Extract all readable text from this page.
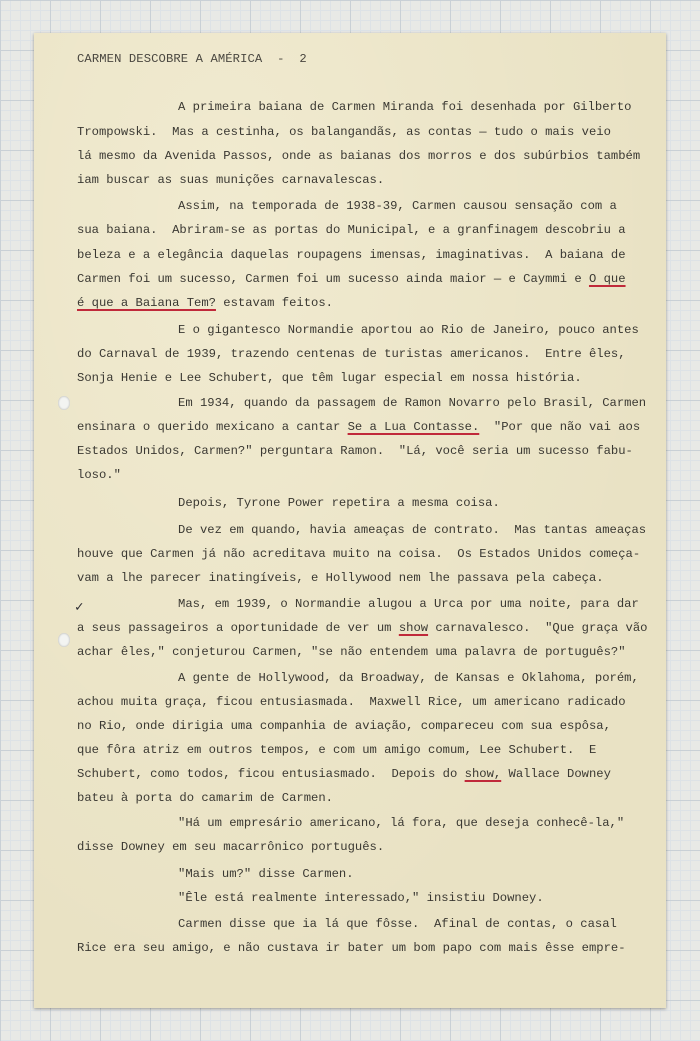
CARMEN DESCOBRE A AMÉRICA  -  2
✓
A primeira baiana de Carmen Miranda foi desenhada por Gilberto
Trompowski.  Mas a cestinha, os balangandãs, as contas — tudo o mais veio
lá mesmo da Avenida Passos, onde as baianas dos morros e dos subúrbios também
iam buscar as suas munições carnavalescas.
Assim, na temporada de 1938-39, Carmen causou sensação com a
sua baiana.  Abriram-se as portas do Municipal, e a granfinagem descobriu a
beleza e a elegância daquelas roupagens imensas, imaginativas.  A baiana de
Carmen foi um sucesso, Carmen foi um sucesso ainda maior — e Caymmi e O que
é que a Baiana Tem? estavam feitos.
E o gigantesco Normandie aportou ao Rio de Janeiro, pouco antes
do Carnaval de 1939, trazendo centenas de turistas americanos.  Entre êles,
Sonja Henie e Lee Schubert, que têm lugar especial em nossa história.
Em 1934, quando da passagem de Ramon Novarro pelo Brasil, Carmen
ensinara o querido mexicano a cantar Se a Lua Contasse.  "Por que não vai aos
Estados Unidos, Carmen?" perguntara Ramon.  "Lá, você seria um sucesso fabu-
loso."
Depois, Tyrone Power repetira a mesma coisa.
De vez em quando, havia ameaças de contrato.  Mas tantas ameaças
houve que Carmen já não acreditava muito na coisa.  Os Estados Unidos começa-
vam a lhe parecer inatingíveis, e Hollywood nem lhe passava pela cabeça.
Mas, em 1939, o Normandie alugou a Urca por uma noite, para dar
a seus passageiros a oportunidade de ver um show carnavalesco.  "Que graça vão
achar êles," conjeturou Carmen, "se não entendem uma palavra de português?"
A gente de Hollywood, da Broadway, de Kansas e Oklahoma, porém,
achou muita graça, ficou entusiasmada.  Maxwell Rice, um americano radicado
no Rio, onde dirigia uma companhia de aviação, compareceu com sua espôsa,
que fôra atriz em outros tempos, e com um amigo comum, Lee Schubert.  E
Schubert, como todos, ficou entusiasmado.  Depois do show, Wallace Downey
bateu à porta do camarim de Carmen.
"Há um empresário americano, lá fora, que deseja conhecê-la,"
disse Downey em seu macarrônico português.
"Mais um?" disse Carmen.
"Êle está realmente interessado," insistiu Downey.
Carmen disse que ia lá que fôsse.  Afinal de contas, o casal
Rice era seu amigo, e não custava ir bater um bom papo com mais êsse empre-
